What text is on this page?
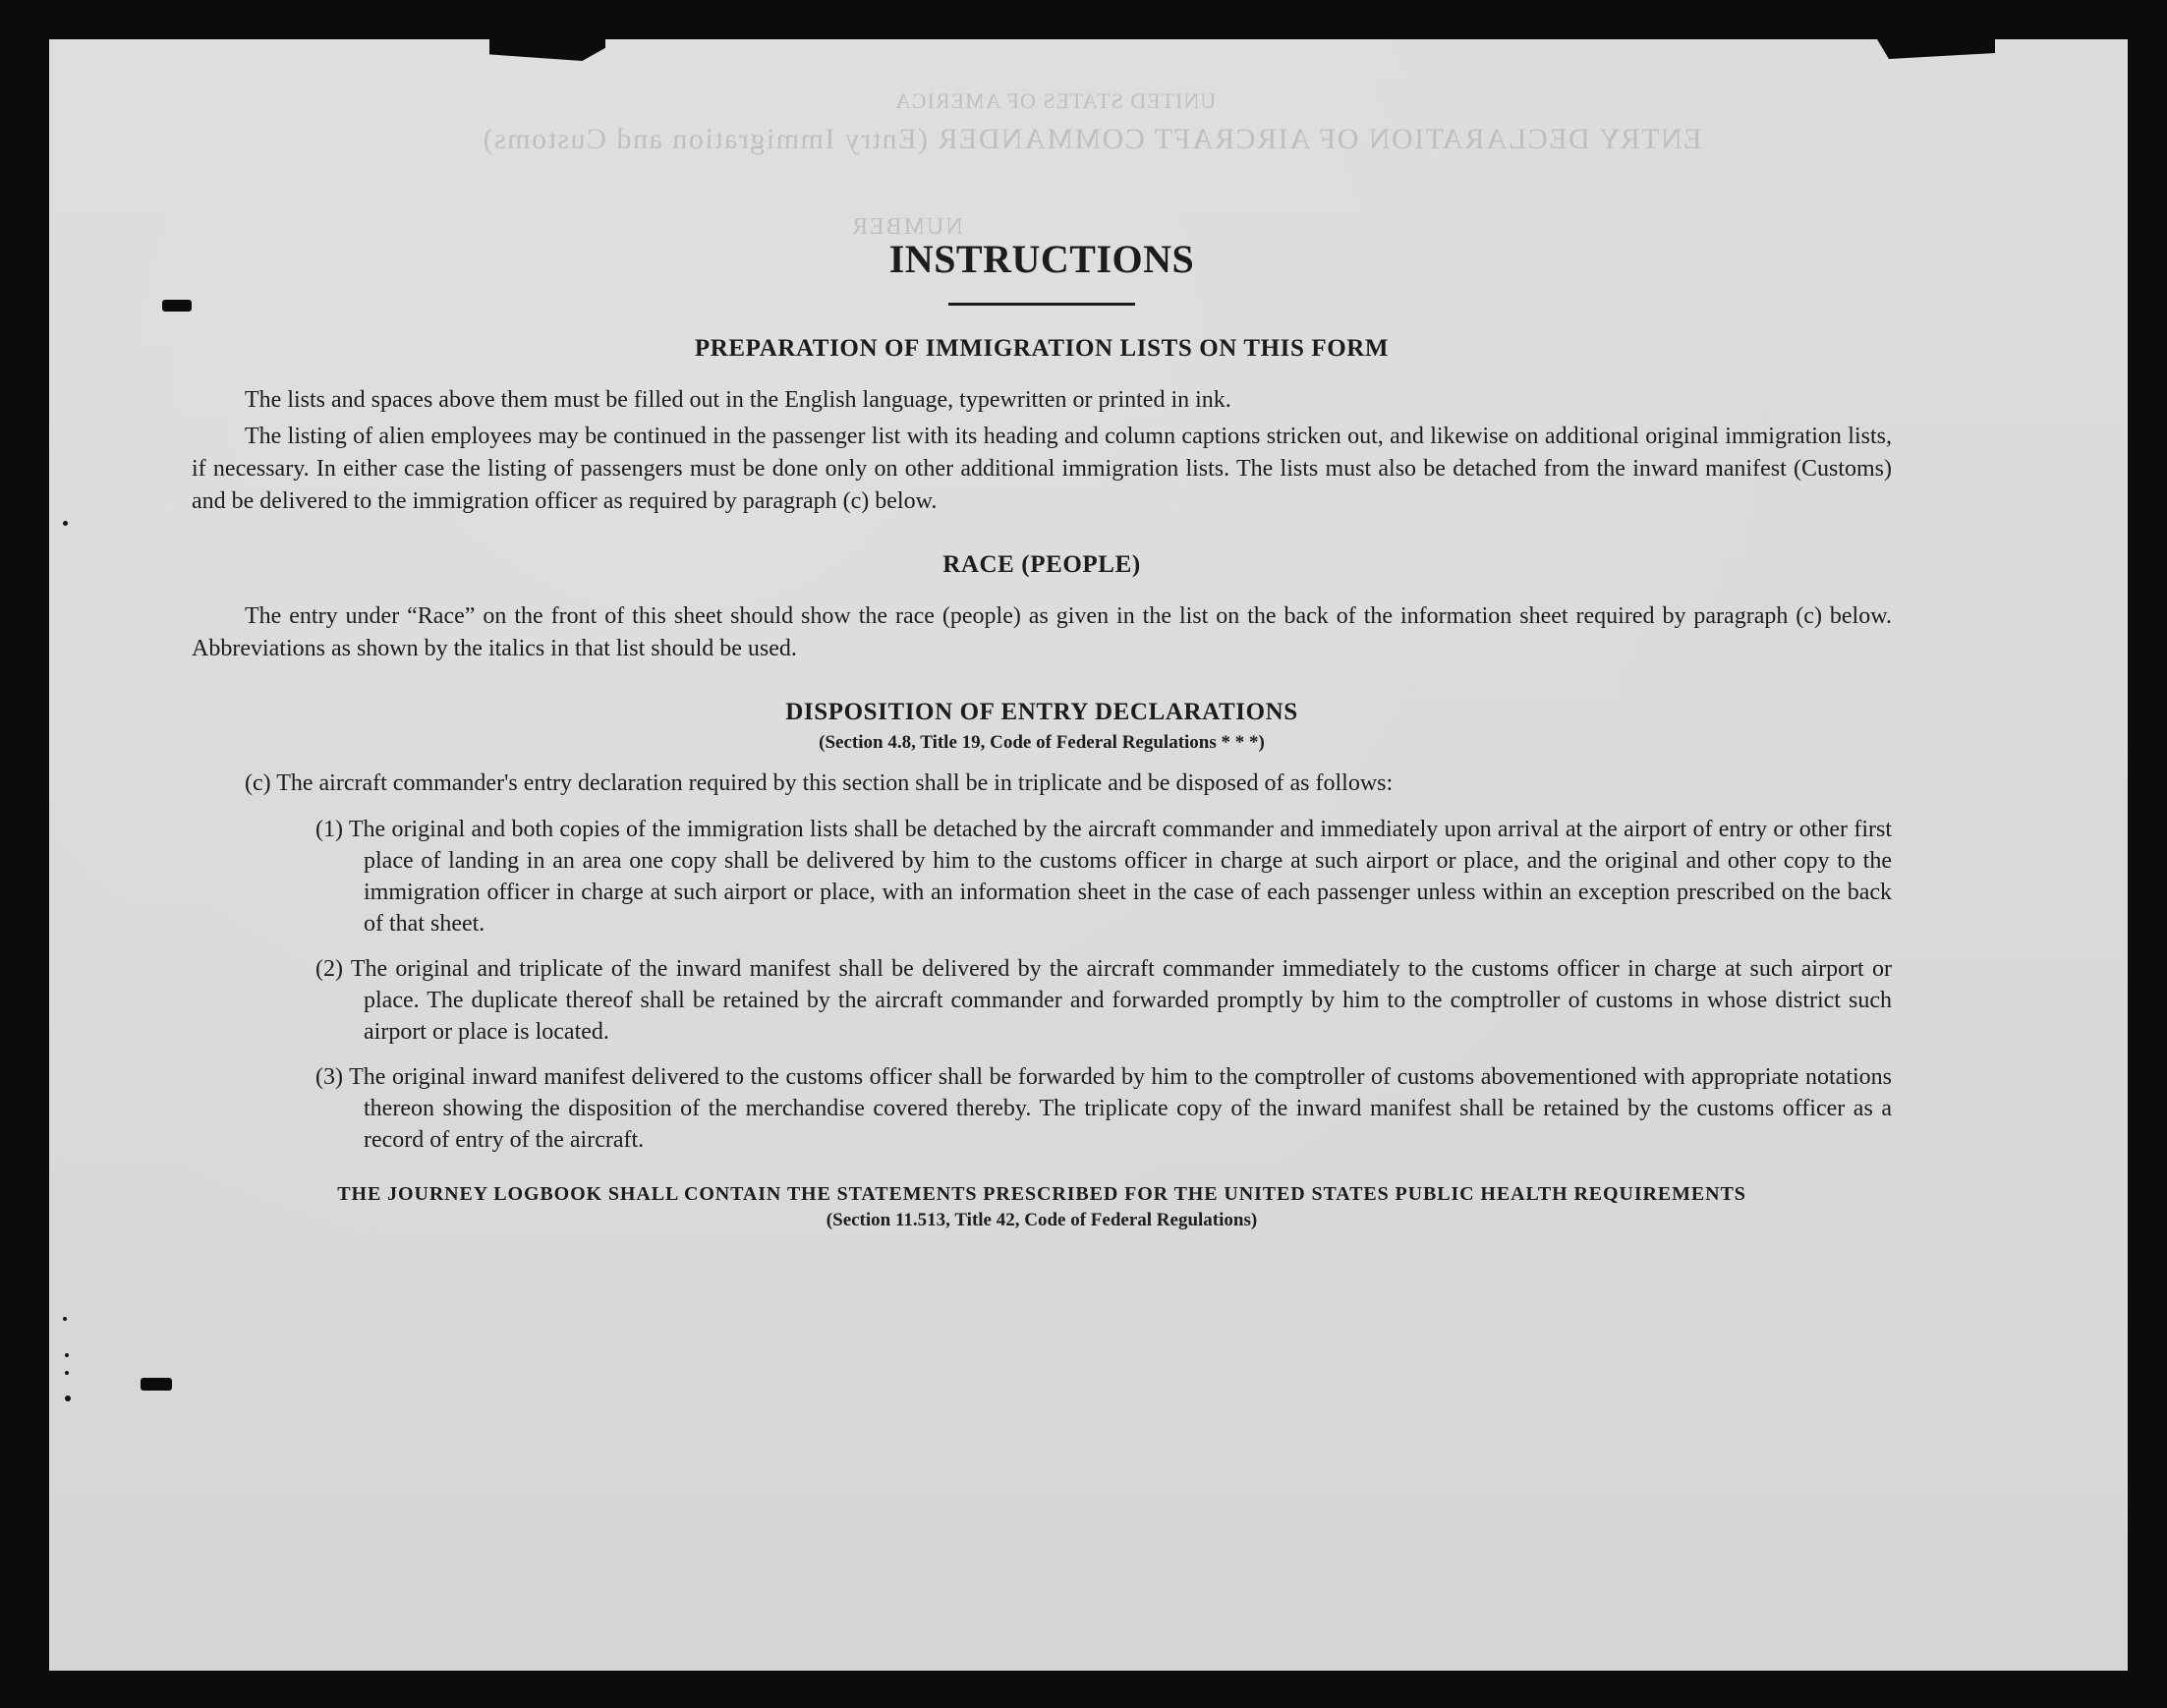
UNITED STATES OF AMERICA
ENTRY DECLARATION OF AIRCRAFT COMMANDER (Entry Immigration and Customs)
NUMBER
INSTRUCTIONS
PREPARATION OF IMMIGRATION LISTS ON THIS FORM

The lists and spaces above them must be filled out in the English language, typewritten or printed in ink.

The listing of alien employees may be continued in the passenger list with its heading and column captions stricken out, and likewise on additional original immigration lists, if necessary. In either case the listing of passengers must be done only on other additional immigration lists. The lists must also be detached from the inward manifest (Customs) and be delivered to the immigration officer as required by paragraph (c) below.

RACE (PEOPLE)

The entry under “Race” on the front of this sheet should show the race (people) as given in the list on the back of the information sheet required by paragraph (c) below. Abbreviations as shown by the italics in that list should be used.

DISPOSITION OF ENTRY DECLARATIONS
(Section 4.8, Title 19, Code of Federal Regulations * * *)

(c) The aircraft commander's entry declaration required by this section shall be in triplicate and be disposed of as follows:

(1) The original and both copies of the immigration lists shall be detached by the aircraft commander and immediately upon arrival at the airport of entry or other first place of landing in an area one copy shall be delivered by him to the customs officer in charge at such airport or place, and the original and other copy to the immigration officer in charge at such airport or place, with an information sheet in the case of each passenger unless within an exception prescribed on the back of that sheet.

(2) The original and triplicate of the inward manifest shall be delivered by the aircraft commander immediately to the customs officer in charge at such airport or place. The duplicate thereof shall be retained by the aircraft commander and forwarded promptly by him to the comptroller of customs in whose district such airport or place is located.

(3) The original inward manifest delivered to the customs officer shall be forwarded by him to the comptroller of customs abovementioned with appropriate notations thereon showing the disposition of the merchandise covered thereby. The triplicate copy of the inward manifest shall be retained by the customs officer as a record of entry of the aircraft.

THE JOURNEY LOGBOOK SHALL CONTAIN THE STATEMENTS PRESCRIBED FOR THE UNITED STATES PUBLIC HEALTH REQUIREMENTS
(Section 11.513, Title 42, Code of Federal Regulations)
